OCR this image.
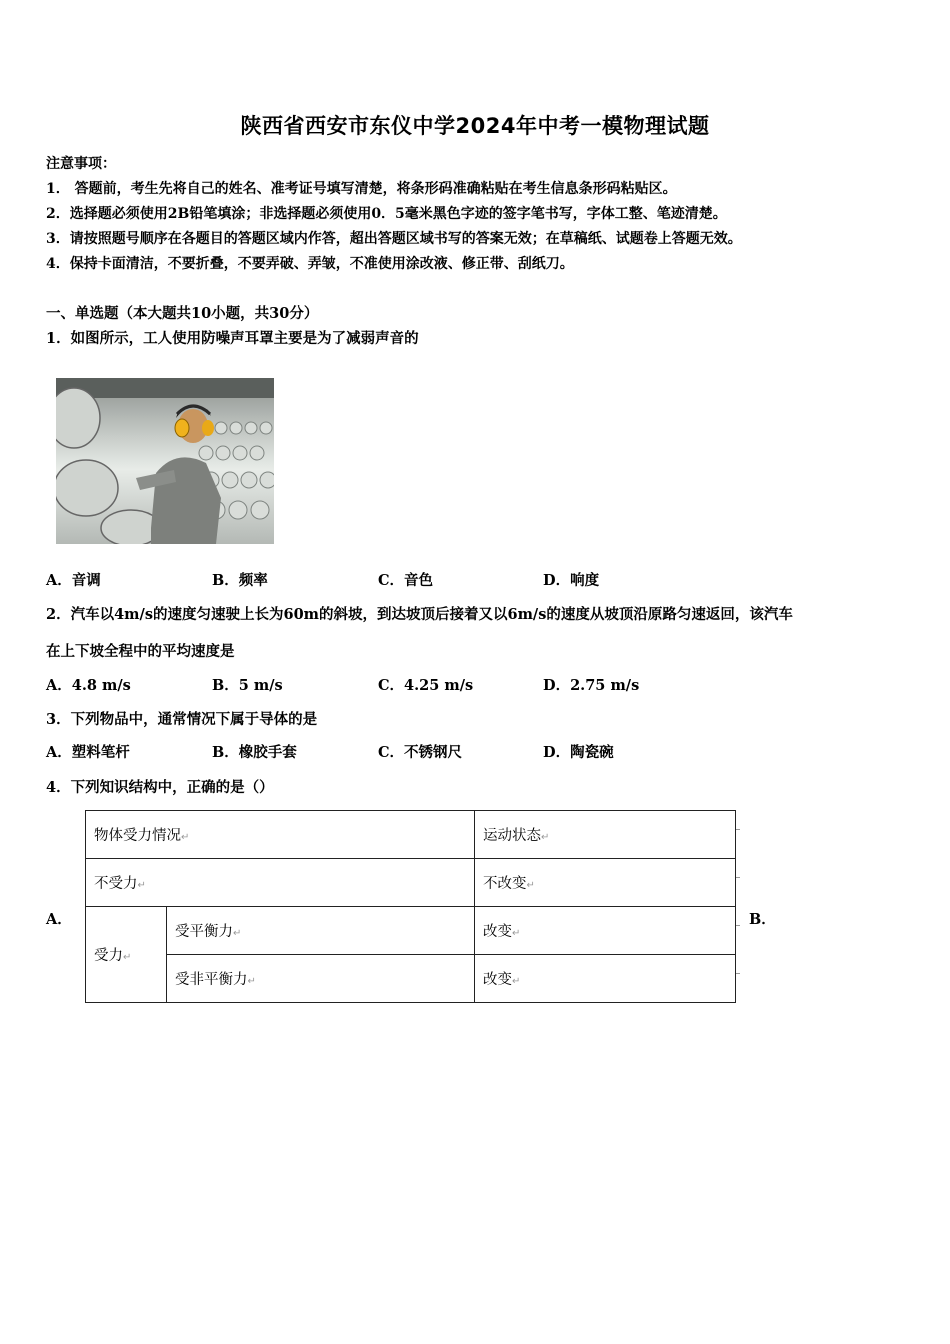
陕西省西安市东仪中学2024年中考一模物理试题
注意事项：
1． 答题前，考生先将自己的姓名、准考证号填写清楚，将条形码准确粘贴在考生信息条形码粘贴区。
2．选择题必须使用2B铅笔填涂；非选择题必须使用0．5毫米黑色字迹的签字笔书写，字体工整、笔迹清楚。
3．请按照题号顺序在各题目的答题区域内作答，超出答题区域书写的答案无效；在草稿纸、试题卷上答题无效。
4．保持卡面清洁，不要折叠，不要弄破、弄皱，不准使用涂改液、修正带、刮纸刀。
一、单选题（本大题共10小题，共30分）
1．如图所示，工人使用防噪声耳罩主要是为了减弱声音的
A．音调	B．频率	C．音色	D．响度
2．汽车以4m/s的速度匀速驶上长为60m的斜坡，到达坡顶后接着又以6m/s的速度从坡顶沿原路匀速返回，该汽车
在上下坡全程中的平均速度是
A．4.8 m/s	B．5 m/s	C．4.25 m/s	D．2.75 m/s
3．下列物品中，通常情况下属于导体的是
A．塑料笔杆	B．橡胶手套	C．不锈钢尺	D．陶瓷碗
4．下列知识结构中，正确的是（）
A．	B．
物体受力情况↵		运动状态↵
不受力↵		不改变↵
受力↵	受平衡力↵	改变↵
	受非平衡力↵	改变↵
